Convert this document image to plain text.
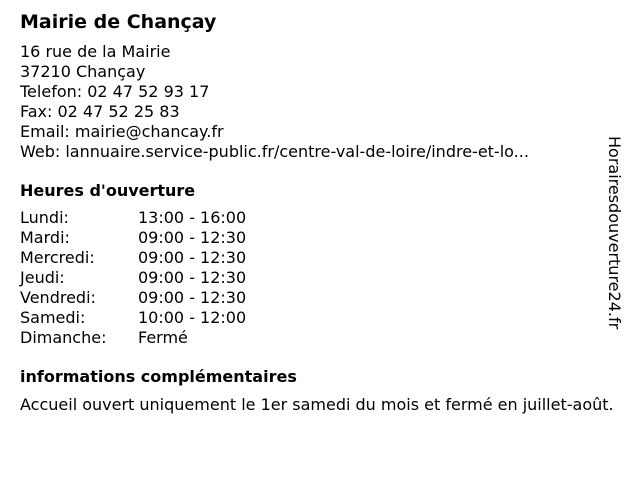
Mairie de Chançay
16 rue de la Mairie
37210 Chançay
Telefon: 02 47 52 93 17
Fax: 02 47 52 25 83
Email: mairie@chancay.fr
Web: lannuaire.service-public.fr/centre-val-de-loire/indre-et-lo...
Heures d'ouverture
Lundi:	13:00 - 16:00
Mardi:	09:00 - 12:30
Mercredi:	09:00 - 12:30
Jeudi:	09:00 - 12:30
Vendredi:	09:00 - 12:30
Samedi:	10:00 - 12:00
Dimanche:	Fermé
informations complémentaires
Accueil ouvert uniquement le 1er samedi du mois et fermé en juillet-août.
Horairesdouverture24.fr
